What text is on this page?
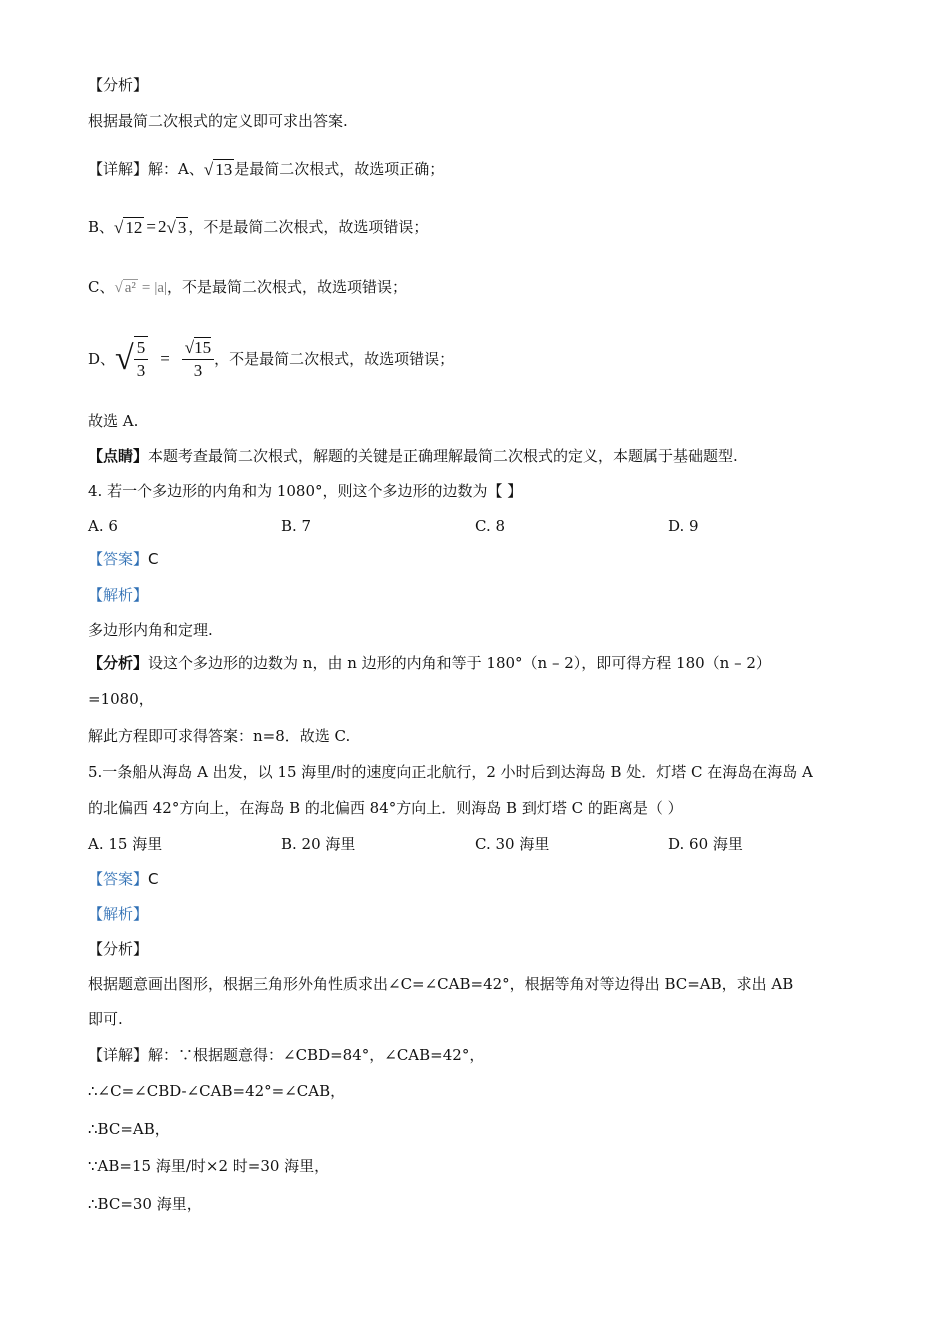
【分析】
根据最简二次根式的定义即可求出答案.
【详解】解：A、√ 13 是最简二次根式，故选项正确；
B、√ 12 = 2√ 3 ，不是最简二次根式，故选项错误；
C、√ a² = |a|，不是最简二次根式，故选项错误；
D、 √ $\frac{5}{3} = \frac{√15}{3}$ ，不是最简二次根式，故选项错误；
故选 A.
【点睛】本题考查最简二次根式，解题的关键是正确理解最简二次根式的定义，本题属于基础题型.
4. 若一个多边形的内角和为 1080°，则这个多边形的边数为【 】
A. 6	B. 7	C. 8	D. 9
【答案】C
【解析】
多边形内角和定理.
【分析】设这个多边形的边数为 n，由 n 边形的内角和等于 180°（n – 2），即可得方程 180（n – 2）
=1080，
解此方程即可求得答案：n=8．故选 C.
5.一条船从海岛 A 出发，以 15 海里/时的速度向正北航行，2 小时后到达海岛 B 处．灯塔 C 在海岛在海岛 A
的北偏西 42°方向上，在海岛 B 的北偏西 84°方向上．则海岛 B 到灯塔 C 的距离是（ ）
A. 15 海里	B. 20 海里	C. 30 海里	D. 60 海里
【答案】C
【解析】
【分析】
根据题意画出图形，根据三角形外角性质求出∠C=∠CAB=42°，根据等角对等边得出 BC=AB，求出 AB
即可.
【详解】解：∵根据题意得：∠CBD=84°，∠CAB=42°，
∴∠C=∠CBD-∠CAB=42°=∠CAB，
∴BC=AB，
∵AB=15 海里/时×2 时=30 海里，
∴BC=30 海里，
